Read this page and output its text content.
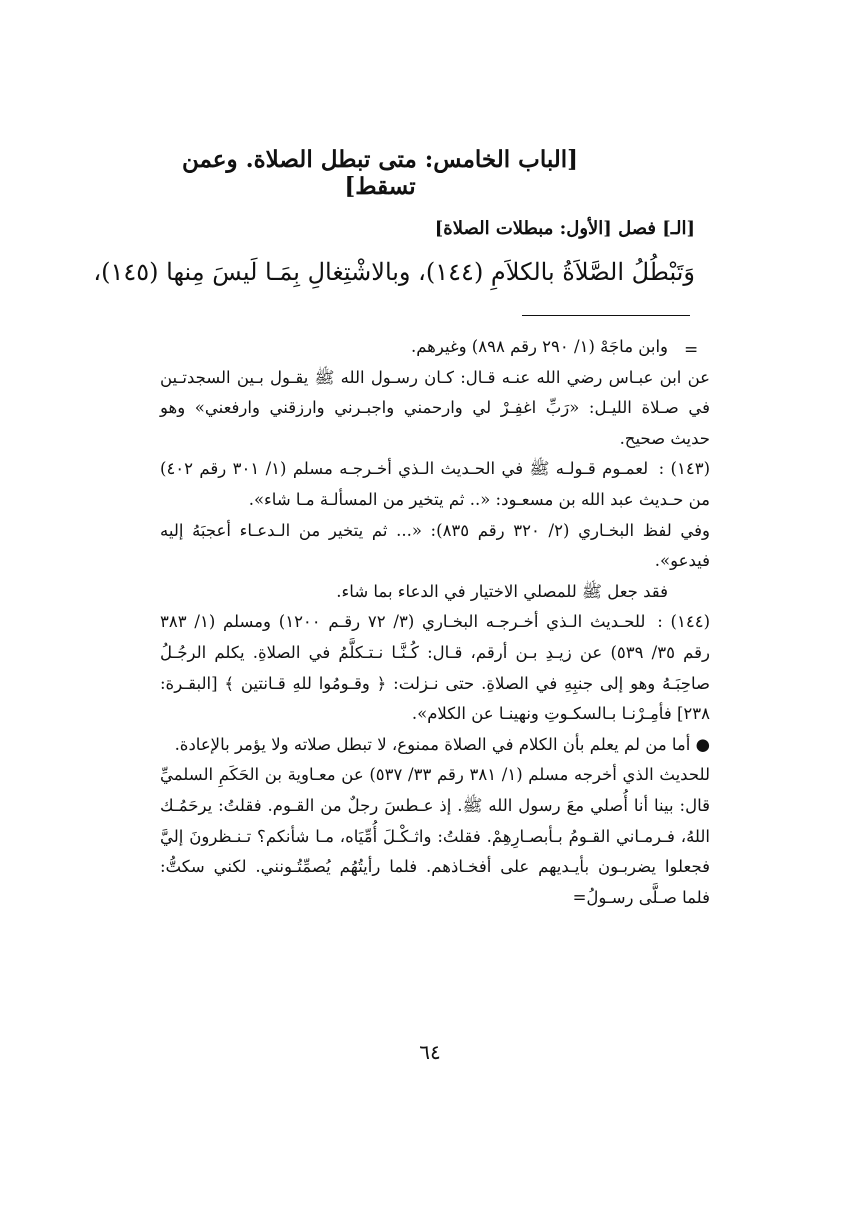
[الباب الخامس: متى تبطل الصلاة. وعمن تسقط]
[الـ] فصل [الأول: مبطلات الصلاة]
وَتَبْطُلُ الصَّلاَةُ بالكلاَمِ (١٤٤)، وبالاشْتِغالِ بِمَـا لَيسَ مِنها (١٤٥)،
=

وابن ماجَهْ (١/ ٢٩٠ رقم ٨٩٨) وغيرهم.

عن ابن عبـاس رضي الله عنـه قـال: كـان رسـول الله ﷺ يقـول بـين السجدتـين في صـلاة الليـل: «رَبِّ اغفِـرْ لي وارحمني واجبـرني وارزقني وارفعني» وهو حديث صحيح.

(١٤٣) : لعمـوم قـولـه ﷺ في الحـديث الـذي أخـرجـه مسلم (١/ ٣٠١ رقم ٤٠٢) من حـديث عبد الله بن مسعـود: «.. ثم يتخير من المسألـة مـا شاء».

وفي لفظ البخـاري (٢/ ٣٢٠ رقم ٨٣٥): «... ثم يتخير من الـدعـاء أعجبَهُ إليه فيدعو».

فقد جعل ﷺ للمصلي الاختيار في الدعاء بما شاء.

(١٤٤) : للحـديث الـذي أخـرجـه البخـاري (٣/ ٧٢ رقـم ١٢٠٠) ومسلم (١/ ٣٨٣ رقم ٣٥/ ٥٣٩) عن زيـدِ بـن أرقم، قـال: كُـنَّـا نـتـكلَّمُ في الصلاةِ. يكلم الرجُـلُ صاحِبَـهُ وهو إلى جنبِهِ في الصلاةِ. حتى نـزلت: ﴿ وقـومُوا للهِ قـانتين ﴾ [البقـرة: ٢٣٨] فأمِـرْنـا بـالسكـوتِ ونهينـا عن الكلام».

● أما من لم يعلم بأن الكلام في الصلاة ممنوع، لا تبطل صلاته ولا يؤمر بالإعادة.

للحديث الذي أخرجه مسلم (١/ ٣٨١ رقم ٣٣/ ٥٣٧) عن معـاوية بن الحَكَمِ السلميِّ قال: بينا أنا أُصلي معَ رسول الله ﷺ. إذ عـطسَ رجلٌ من القـوم. فقلتُ: يرحَمُـك اللهُ، فـرمـاني القـومُ بـأبصـارِهِمْ. فقلتُ: واثـكْـلَ أُمِّيَاه، مـا شأنكم؟ تـنـظرونَ إليَّ فجعلوا يضربـون بأيـديهم على أفخـاذهم. فلما رأيتُهُم يُصمِّتُـونني. لكني سكتُّ: فلما صـلَّى رسـولُ=

٦٤
